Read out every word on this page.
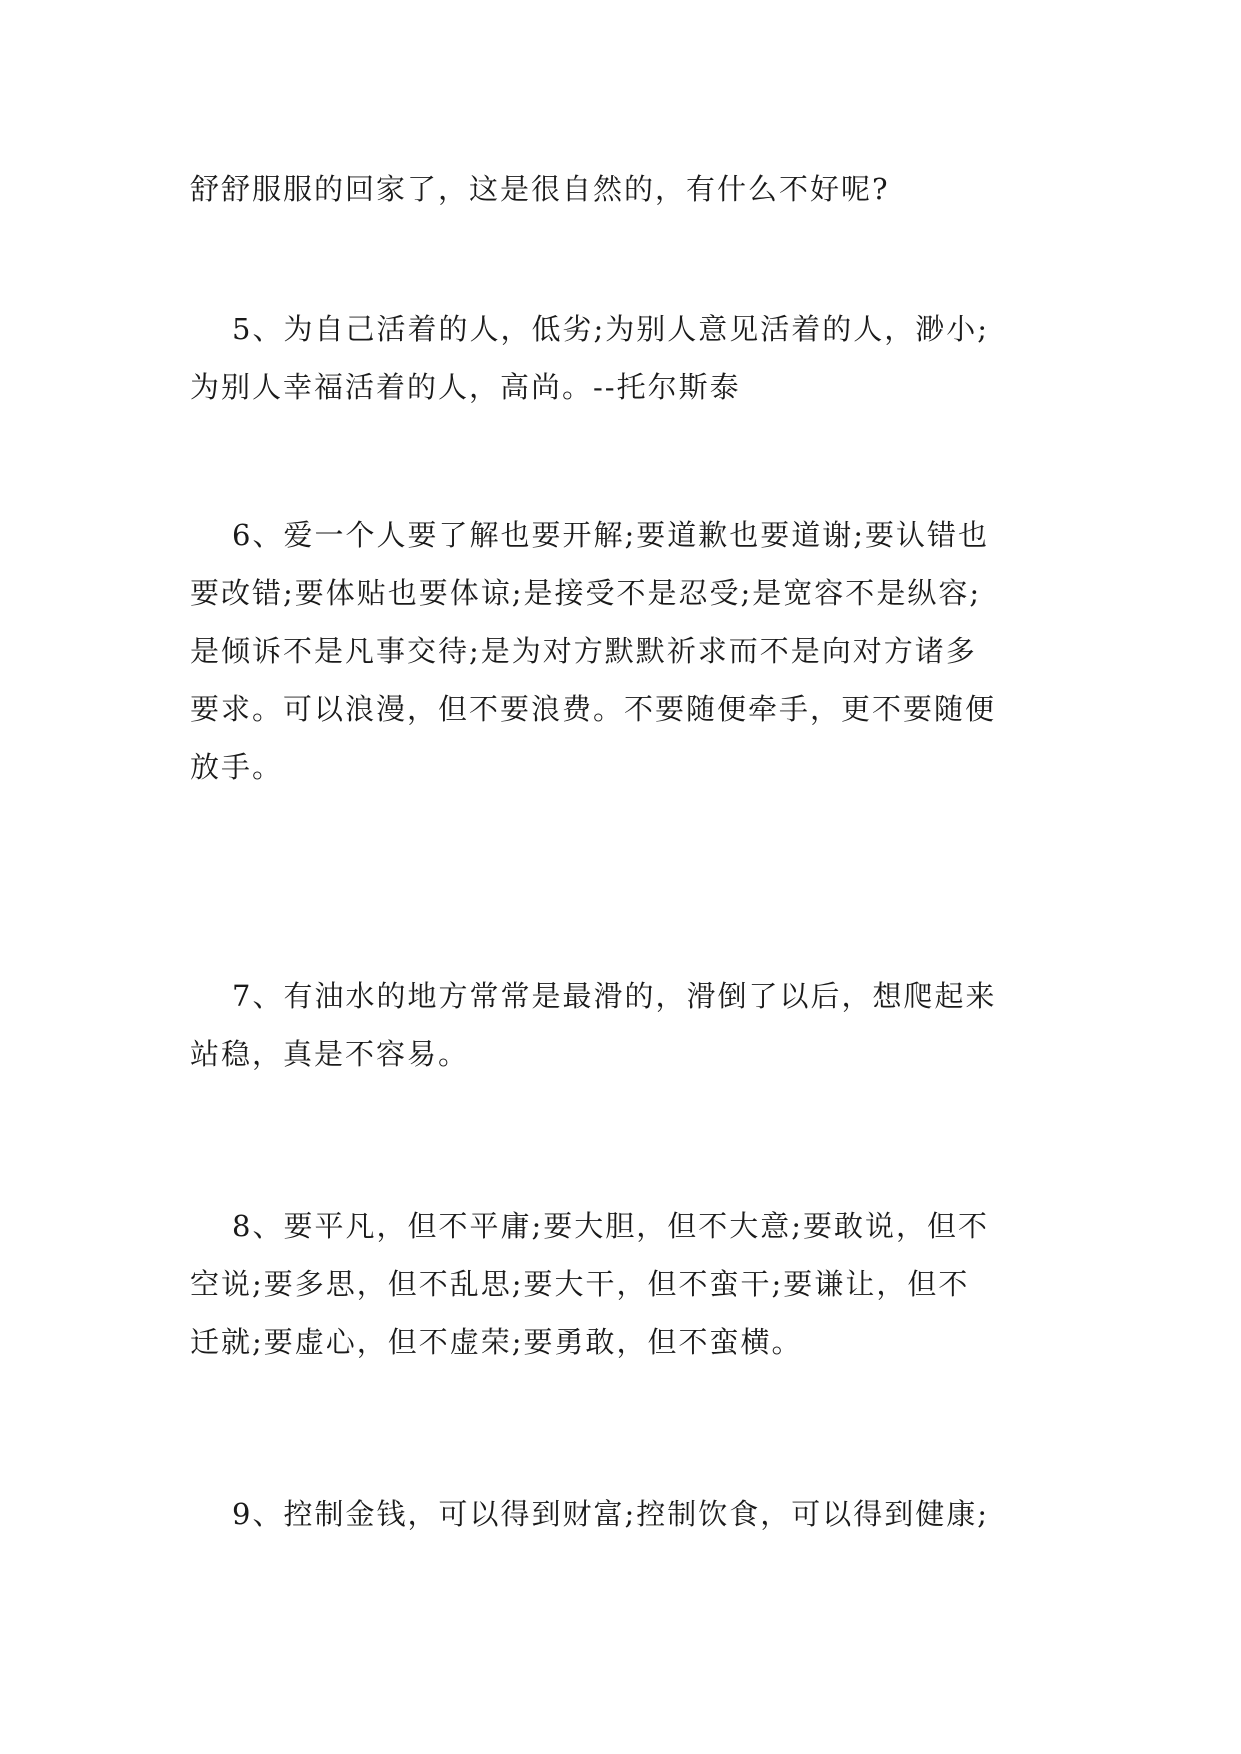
舒舒服服的回家了，这是很自然的，有什么不好呢?

5、为自己活着的人，低劣;为别人意见活着的人，渺小;
为别人幸福活着的人，高尚。--托尔斯泰

6、爱一个人要了解也要开解;要道歉也要道谢;要认错也
要改错;要体贴也要体谅;是接受不是忍受;是宽容不是纵容;
是倾诉不是凡事交待;是为对方默默祈求而不是向对方诸多
要求。可以浪漫，但不要浪费。不要随便牵手，更不要随便
放手。

7、有油水的地方常常是最滑的，滑倒了以后，想爬起来
站稳，真是不容易。

8、要平凡，但不平庸;要大胆，但不大意;要敢说，但不
空说;要多思，但不乱思;要大干，但不蛮干;要谦让，但不
迁就;要虚心，但不虚荣;要勇敢，但不蛮横。

9、控制金钱，可以得到财富;控制饮食，可以得到健康;
